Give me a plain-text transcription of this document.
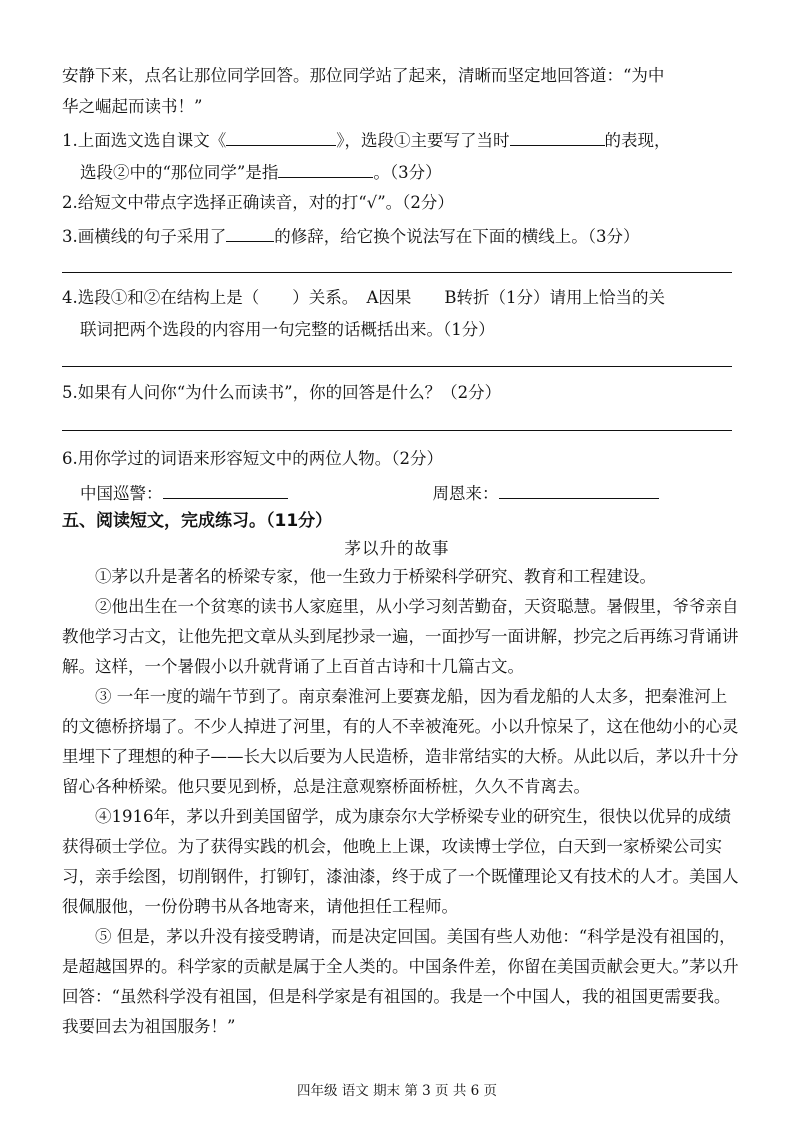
安静下来，点名让那位同学回答。那位同学站了起来，清晰而坚定地回答道：“为中
华之崛起而读书！”
1.上面选文选自课文《	》，选段①主要写了当时	的表现，
选段②中的“那位同学”是指	。（3分）
2.给短文中带点字选择正确读音，对的打“√”。（2分）
3.画横线的句子采用了	的修辞，给它换个说法写在下面的横线上。（3分）
4.选段①和②在结构上是（　　）关系。　A因果　　B转折（1分）请用上恰当的关
联词把两个选段的内容用一句完整的话概括出来。（1分）
5.如果有人问你“为什么而读书”，你的回答是什么？（2分）
6.用你学过的词语来形容短文中的两位人物。（2分）
中国巡警：	周恩来：
五、阅读短文，完成练习。（11分）
茅以升的故事

①茅以升是著名的桥梁专家，他一生致力于桥梁科学研究、教育和工程建设。

②他出生在一个贫寒的读书人家庭里，从小学习刻苦勤奋，天资聪慧。暑假里，爷爷亲自教他学习古文，让他先把文章从头到尾抄录一遍，一面抄写一面讲解，抄完之后再练习背诵讲解。这样，一个暑假小以升就背诵了上百首古诗和十几篇古文。

③ 一年一度的端午节到了。南京秦淮河上要赛龙船，因为看龙船的人太多，把秦淮河上的文德桥挤塌了。不少人掉进了河里，有的人不幸被淹死。小以升惊呆了，这在他幼小的心灵里埋下了理想的种子——长大以后要为人民造桥，造非常结实的大桥。从此以后，茅以升十分留心各种桥梁。他只要见到桥，总是注意观察桥面桥桩，久久不肯离去。

④1916年，茅以升到美国留学，成为康奈尔大学桥梁专业的研究生，很快以优异的成绩获得硕士学位。为了获得实践的机会，他晚上上课，攻读博士学位，白天到一家桥梁公司实习，亲手绘图，切削钢件，打铆钉，漆油漆，终于成了一个既懂理论又有技术的人才。美国人很佩服他，一份份聘书从各地寄来，请他担任工程师。

⑤ 但是，茅以升没有接受聘请，而是决定回国。美国有些人劝他：“科学是没有祖国的，是超越国界的。科学家的贡献是属于全人类的。中国条件差，你留在美国贡献会更大。”茅以升回答：“虽然科学没有祖国，但是科学家是有祖国的。我是一个中国人，我的祖国更需要我。我要回去为祖国服务！”

四年级 语文 期末 第 3 页 共 6 页
